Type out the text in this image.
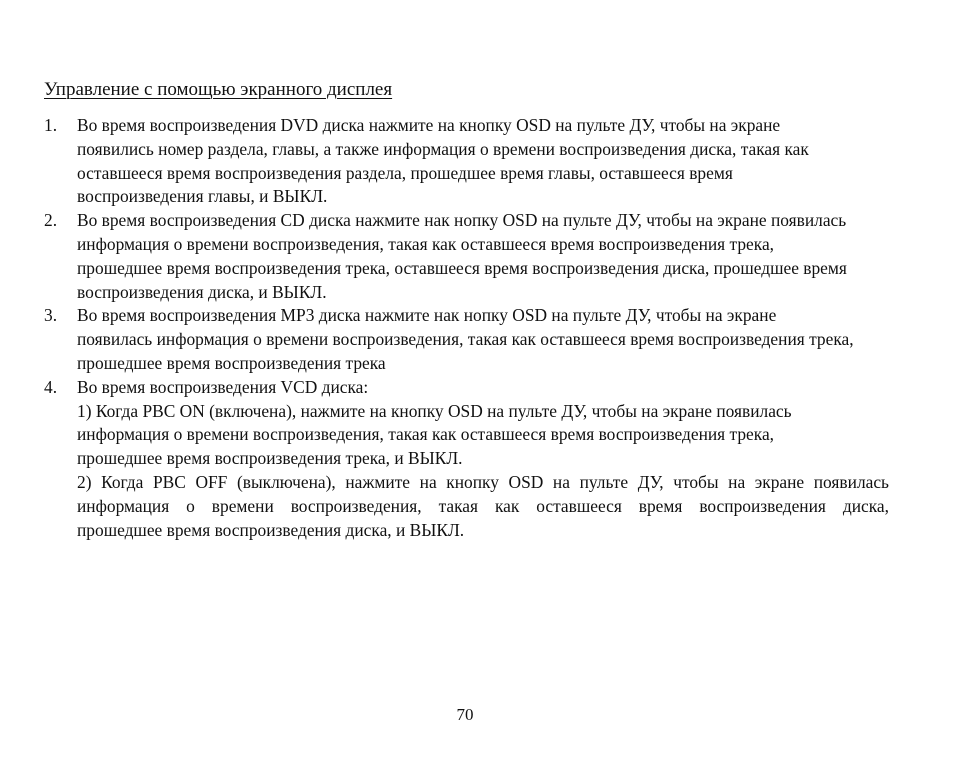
Управление с помощью экранного дисплея
1.	Во время воспроизведения DVD диска нажмите на кнопку OSD на пульте ДУ, чтобы на экране
появились номер раздела, главы, а также информация о времени воспроизведения диска, такая как
оставшееся время воспроизведения раздела, прошедшее время главы, оставшееся время
воспроизведения главы, и ВЫКЛ.
2.	Во время воспроизведения CD диска нажмите нак нопку OSD на пульте ДУ, чтобы на экране появилась
информация о времени воспроизведения, такая как оставшееся время воспроизведения трека,
прошедшее время воспроизведения трека, оставшееся время воспроизведения диска, прошедшее время
воспроизведения диска, и ВЫКЛ.
3.	Во время воспроизведения MP3 диска нажмите нак нопку OSD на пульте ДУ, чтобы на экране
появилась информация о времени воспроизведения, такая как оставшееся время воспроизведения трека,
прошедшее время воспроизведения трека
4.	Во время воспроизведения VCD диска:
1) Когда PBC ON (включена), нажмите на кнопку OSD на пульте ДУ, чтобы на экране появилась
информация о времени воспроизведения, такая как оставшееся время воспроизведения трека,
прошедшее время воспроизведения трека, и ВЫКЛ.
2) Когда PBC OFF (выключена), нажмите на кнопку OSD на пульте ДУ, чтобы на экране появилась
информация о времени воспроизведения, такая как оставшееся время воспроизведения диска,
прошедшее время воспроизведения диска, и ВЫКЛ.
70
